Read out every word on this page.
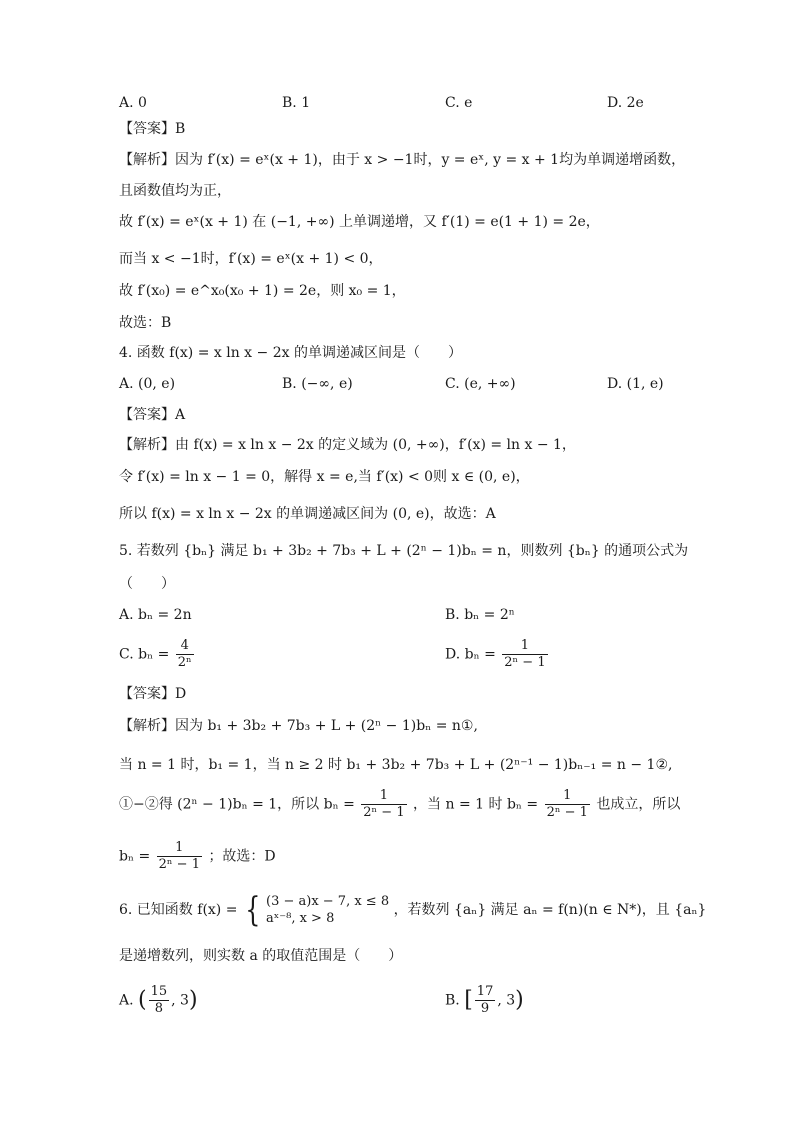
A. 0	B. 1	C. e	D. 2e
【答案】B
【解析】因为 f′(x) = eˣ(x + 1)，由于 x > −1时，y = eˣ, y = x + 1均为单调递增函数，
且函数值均为正，
故 f′(x) = eˣ(x + 1) 在 (−1, +∞) 上单调递增，又 f′(1) = e(1 + 1) = 2e，
而当 x < −1时，f′(x) = eˣ(x + 1) < 0，
故 f′(x₀) = e^x₀(x₀ + 1) = 2e，则 x₀ = 1，
故选：B
4. 函数 f(x) = x ln x − 2x 的单调递减区间是（　　）
A. (0, e)	B. (−∞, e)	C. (e, +∞)	D. (1, e)
【答案】A
【解析】由 f(x) = x ln x − 2x 的定义域为 (0, +∞)，f′(x) = ln x − 1，
令 f′(x) = ln x − 1 = 0，解得 x = e,当 f′(x) < 0则 x ∈ (0, e)，
所以 f(x) = x ln x − 2x 的单调递减区间为 (0, e)，故选：A
5. 若数列 {bₙ} 满足 b₁ + 3b₂ + 7b₃ + L + (2ⁿ − 1)bₙ = n，则数列 {bₙ} 的通项公式为
（　　）
A. bₙ = 2n	B. bₙ = 2ⁿ
C. $b_n = \frac{4}{\text{2ⁿ}}$	D. $b_n = \frac{1}{\text{2ⁿ − 1}}$
【答案】D
【解析】因为 b₁ + 3b₂ + 7b₃ + L + (2ⁿ − 1)bₙ = n①,
当 n = 1 时，b₁ = 1，当 n ≥ 2 时 b₁ + 3b₂ + 7b₃ + L + (2ⁿ⁻¹ − 1)bₙ₋₁ = n − 1②,
①−②得 (2ⁿ − 1)bₙ = 1，所以 $b_n = \frac{1}{\text{2ⁿ − 1}}$ ，当 n = 1 时 $b_n = \frac{1}{\text{2ⁿ − 1}}$ 也成立，所以
$b_n = \frac{1}{\text{2ⁿ − 1}}$ ；故选：D
6. 已知函数 f(x) = { (3 − a)x − 7, x ≤ 8
aˣ⁻⁸, x > 8
，若数列 {aₙ} 满足 aₙ = f(n)(n ∈ N*)，且 {aₙ}
是递增数列，则实数 a 的取值范围是（　　）
A. ( $\frac{15}{8}$ , 3)	B. [ $\frac{17}{9}$ , 3)
